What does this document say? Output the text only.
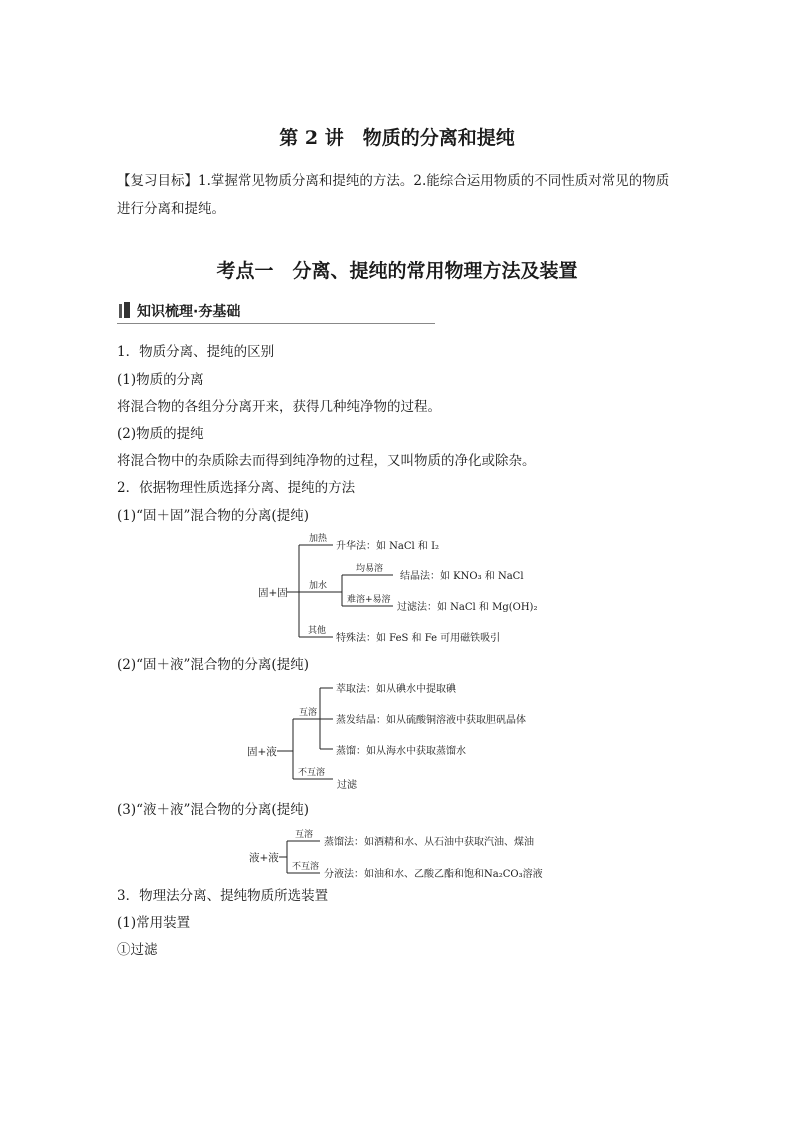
第 2 讲　物质的分离和提纯
【复习目标】1.掌握常见物质分离和提纯的方法。2.能综合运用物质的不同性质对常见的物质
进行分离和提纯。
考点一　分离、提纯的常用物理方法及装置
知识梳理·夯基础
1．物质分离、提纯的区别
(1)物质的分离
将混合物的各组分分离开来，获得几种纯净物的过程。
(2)物质的提纯
将混合物中的杂质除去而得到纯净物的过程，又叫物质的净化或除杂。
2．依据物理性质选择分离、提纯的方法
(1)“固＋固”混合物的分离(提纯)
固+固
加热
升华法：如 NaCl 和 I₂
加水
均易溶
结晶法：如 KNO₃ 和 NaCl
难溶+易溶
过滤法：如 NaCl 和 Mg(OH)₂
其他
特殊法：如 FeS 和 Fe 可用磁铁吸引
固+液
互溶
不互溶
过滤
萃取法：如从碘水中提取碘
蒸发结晶：如从硫酸铜溶液中获取胆矾晶体
蒸馏：如从海水中获取蒸馏水
液+液
互溶
不互溶
蒸馏法：如酒精和水、从石油中获取汽油、煤油
分液法：如油和水、乙酸乙酯和饱和Na₂CO₃溶液
(2)“固＋液”混合物的分离(提纯)
(3)“液＋液”混合物的分离(提纯)
3．物理法分离、提纯物质所选装置
(1)常用装置
①过滤
